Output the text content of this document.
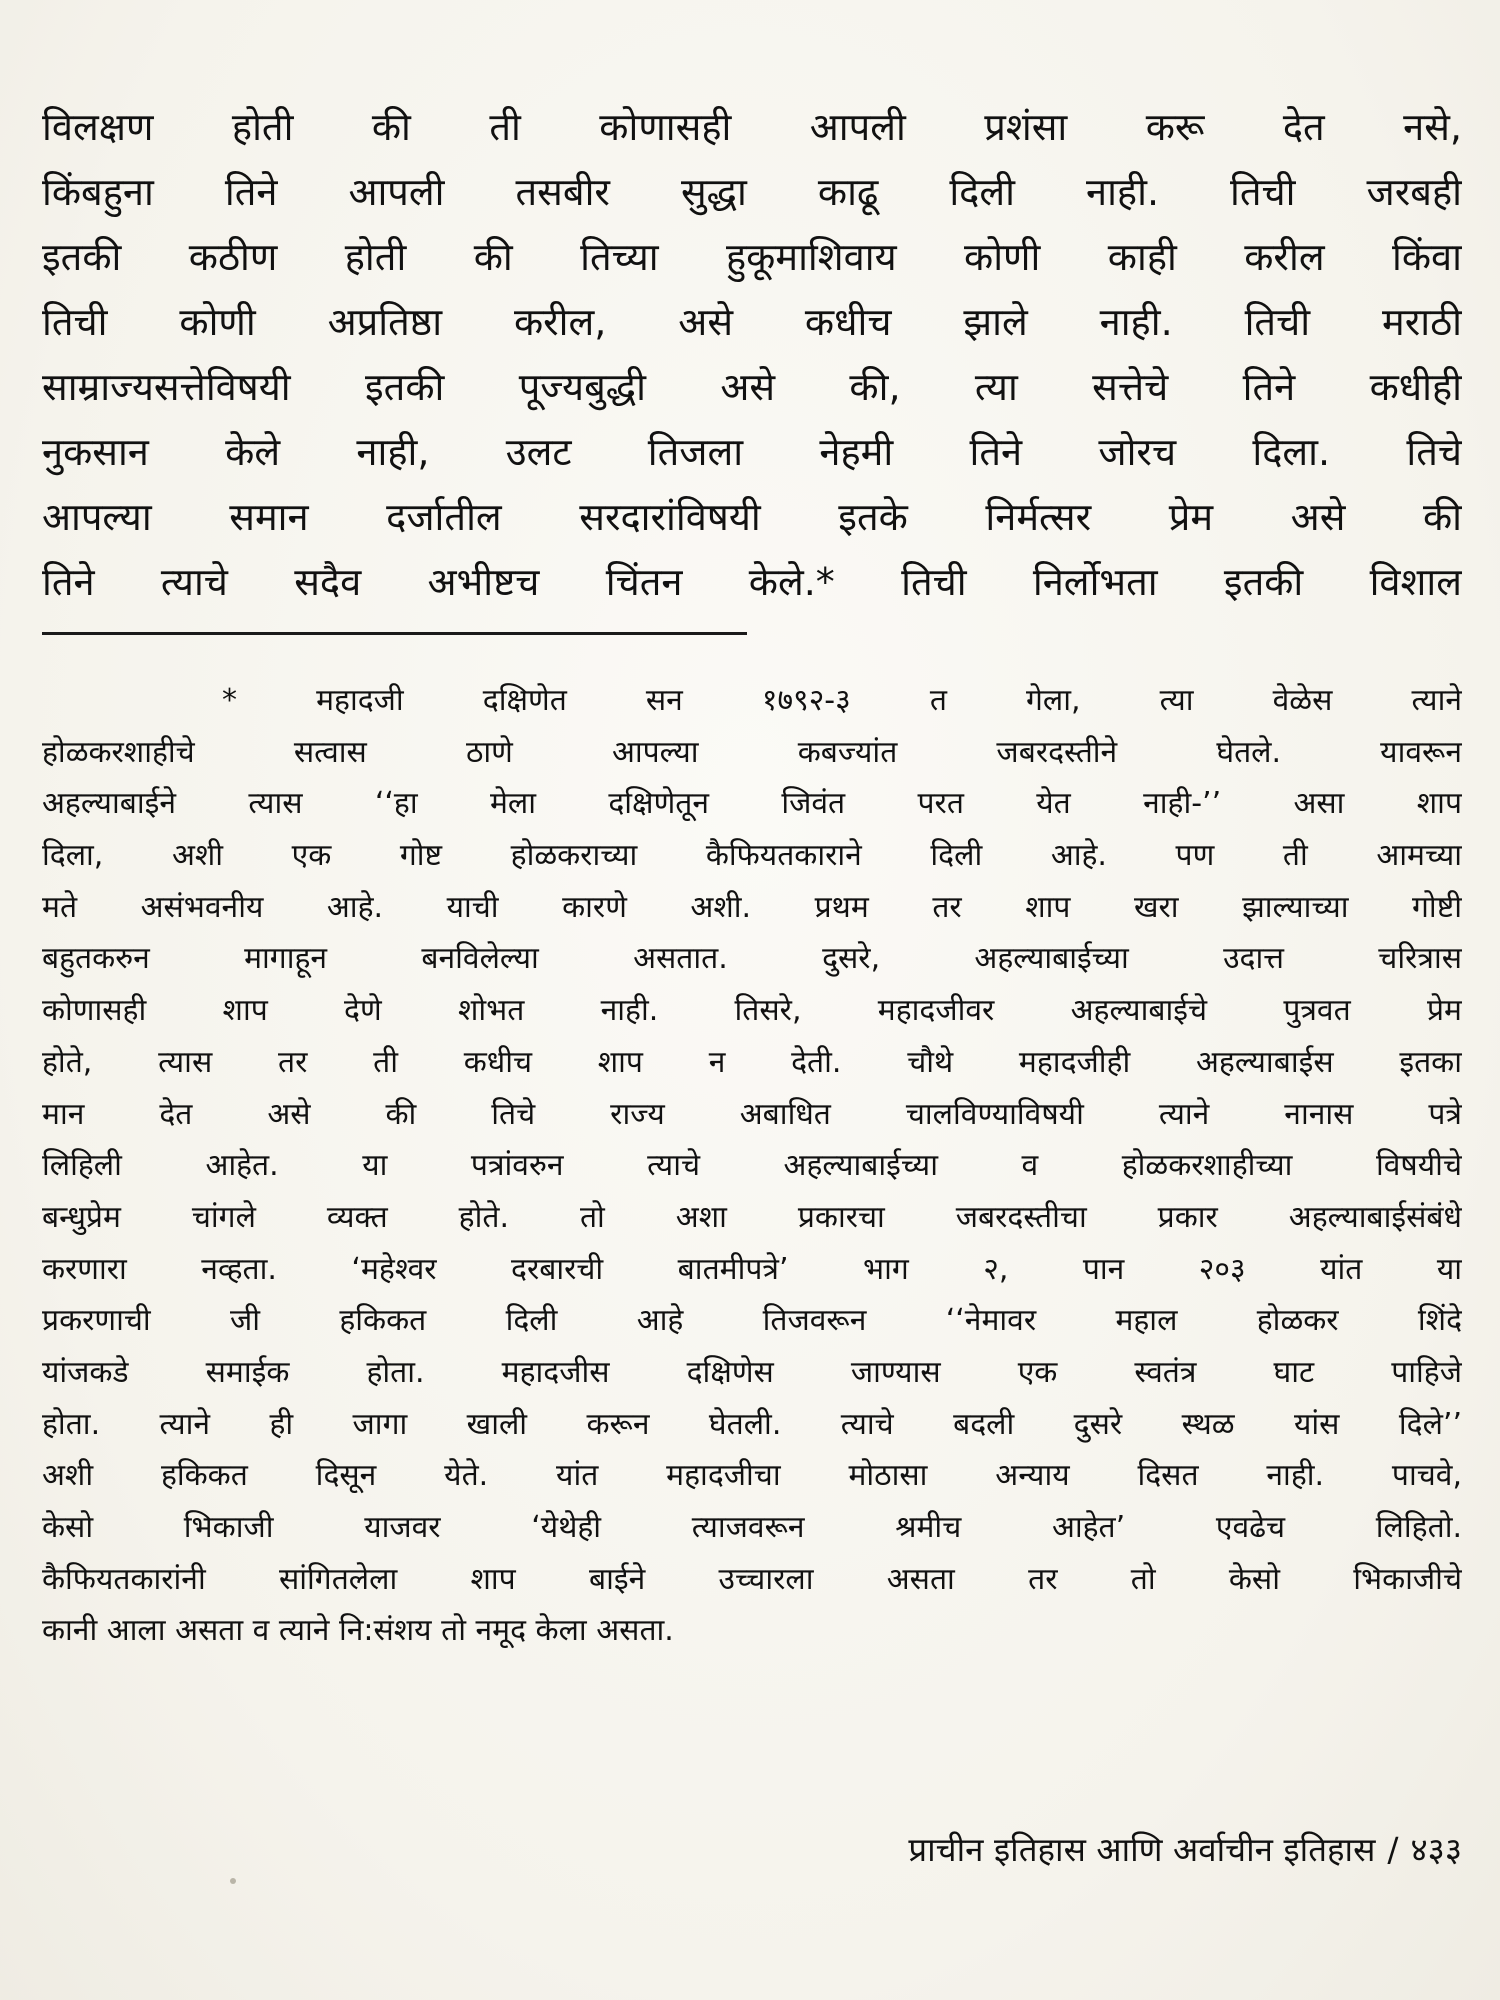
विलक्षण होती की ती कोणासही आपली प्रशंसा करू देत नसे,
किंबहुना तिने आपली तसबीर सुद्धा काढू दिली नाही. तिची जरबही
इतकी कठीण होती की तिच्या हुकूमाशिवाय कोणी काही करील किंवा
तिची कोणी अप्रतिष्ठा करील, असे कधीच झाले नाही. तिची मराठी
साम्राज्यसत्तेविषयी इतकी पूज्यबुद्धी असे की, त्या सत्तेचे तिने कधीही
नुकसान केले नाही, उलट तिजला नेहमी तिने जोरच दिला. तिचे
आपल्या समान दर्जातील सरदारांविषयी इतके निर्मत्सर प्रेम असे की
तिने त्याचे सदैव अभीष्टच चिंतन केले.* तिची निर्लोभता इतकी विशाल
* महादजी दक्षिणेत सन १७९२-३ त गेला, त्या वेळेस त्याने
होळकरशाहीचे सत्वास ठाणे आपल्या कबज्यांत जबरदस्तीने घेतले. यावरून
अहल्याबाईने त्यास ‘‘हा मेला दक्षिणेतून जिवंत परत येत नाही-’’ असा शाप
दिला, अशी एक गोष्ट होळकराच्या कैफियतकाराने दिली आहे. पण ती आमच्या
मते असंभवनीय आहे. याची कारणे अशी. प्रथम तर शाप खरा झाल्याच्या गोष्टी
बहुतकरुन मागाहून बनविलेल्या असतात. दुसरे, अहल्याबाईच्या उदात्त चरित्रास
कोणासही शाप देणे शोभत नाही. तिसरे, महादजीवर अहल्याबाईचे पुत्रवत प्रेम
होते, त्यास तर ती कधीच शाप न देती. चौथे महादजीही अहल्याबाईस इतका
मान देत असे की तिचे राज्य अबाधित चालविण्याविषयी त्याने नानास पत्रे
लिहिली आहेत. या पत्रांवरुन त्याचे अहल्याबाईच्या व होळकरशाहीच्या विषयीचे
बन्धुप्रेम चांगले व्यक्त होते. तो अशा प्रकारचा जबरदस्तीचा प्रकार अहल्याबाईसंबंधे
करणारा नव्हता. ‘महेश्वर दरबारची बातमीपत्रे’ भाग २, पान २०३ यांत या
प्रकरणाची जी हकिकत दिली आहे तिजवरून ‘‘नेमावर महाल होळकर शिंदे
यांजकडे समाईक होता. महादजीस दक्षिणेस जाण्यास एक स्वतंत्र घाट पाहिजे
होता. त्याने ही जागा खाली करून घेतली. त्याचे बदली दुसरे स्थळ यांस दिले’’
अशी हकिकत दिसून येते. यांत महादजीचा मोठासा अन्याय दिसत नाही. पाचवे,
केसो भिकाजी याजवर ‘येथेही त्याजवरून श्रमीच आहेत’ एवढेच लिहितो.
कैफियतकारांनी सांगितलेला शाप बाईने उच्चारला असता तर तो केसो भिकाजीचे
कानी आला असता व त्याने नि:संशय तो नमूद केला असता.
प्राचीन इतिहास आणि अर्वाचीन इतिहास / ४३३
